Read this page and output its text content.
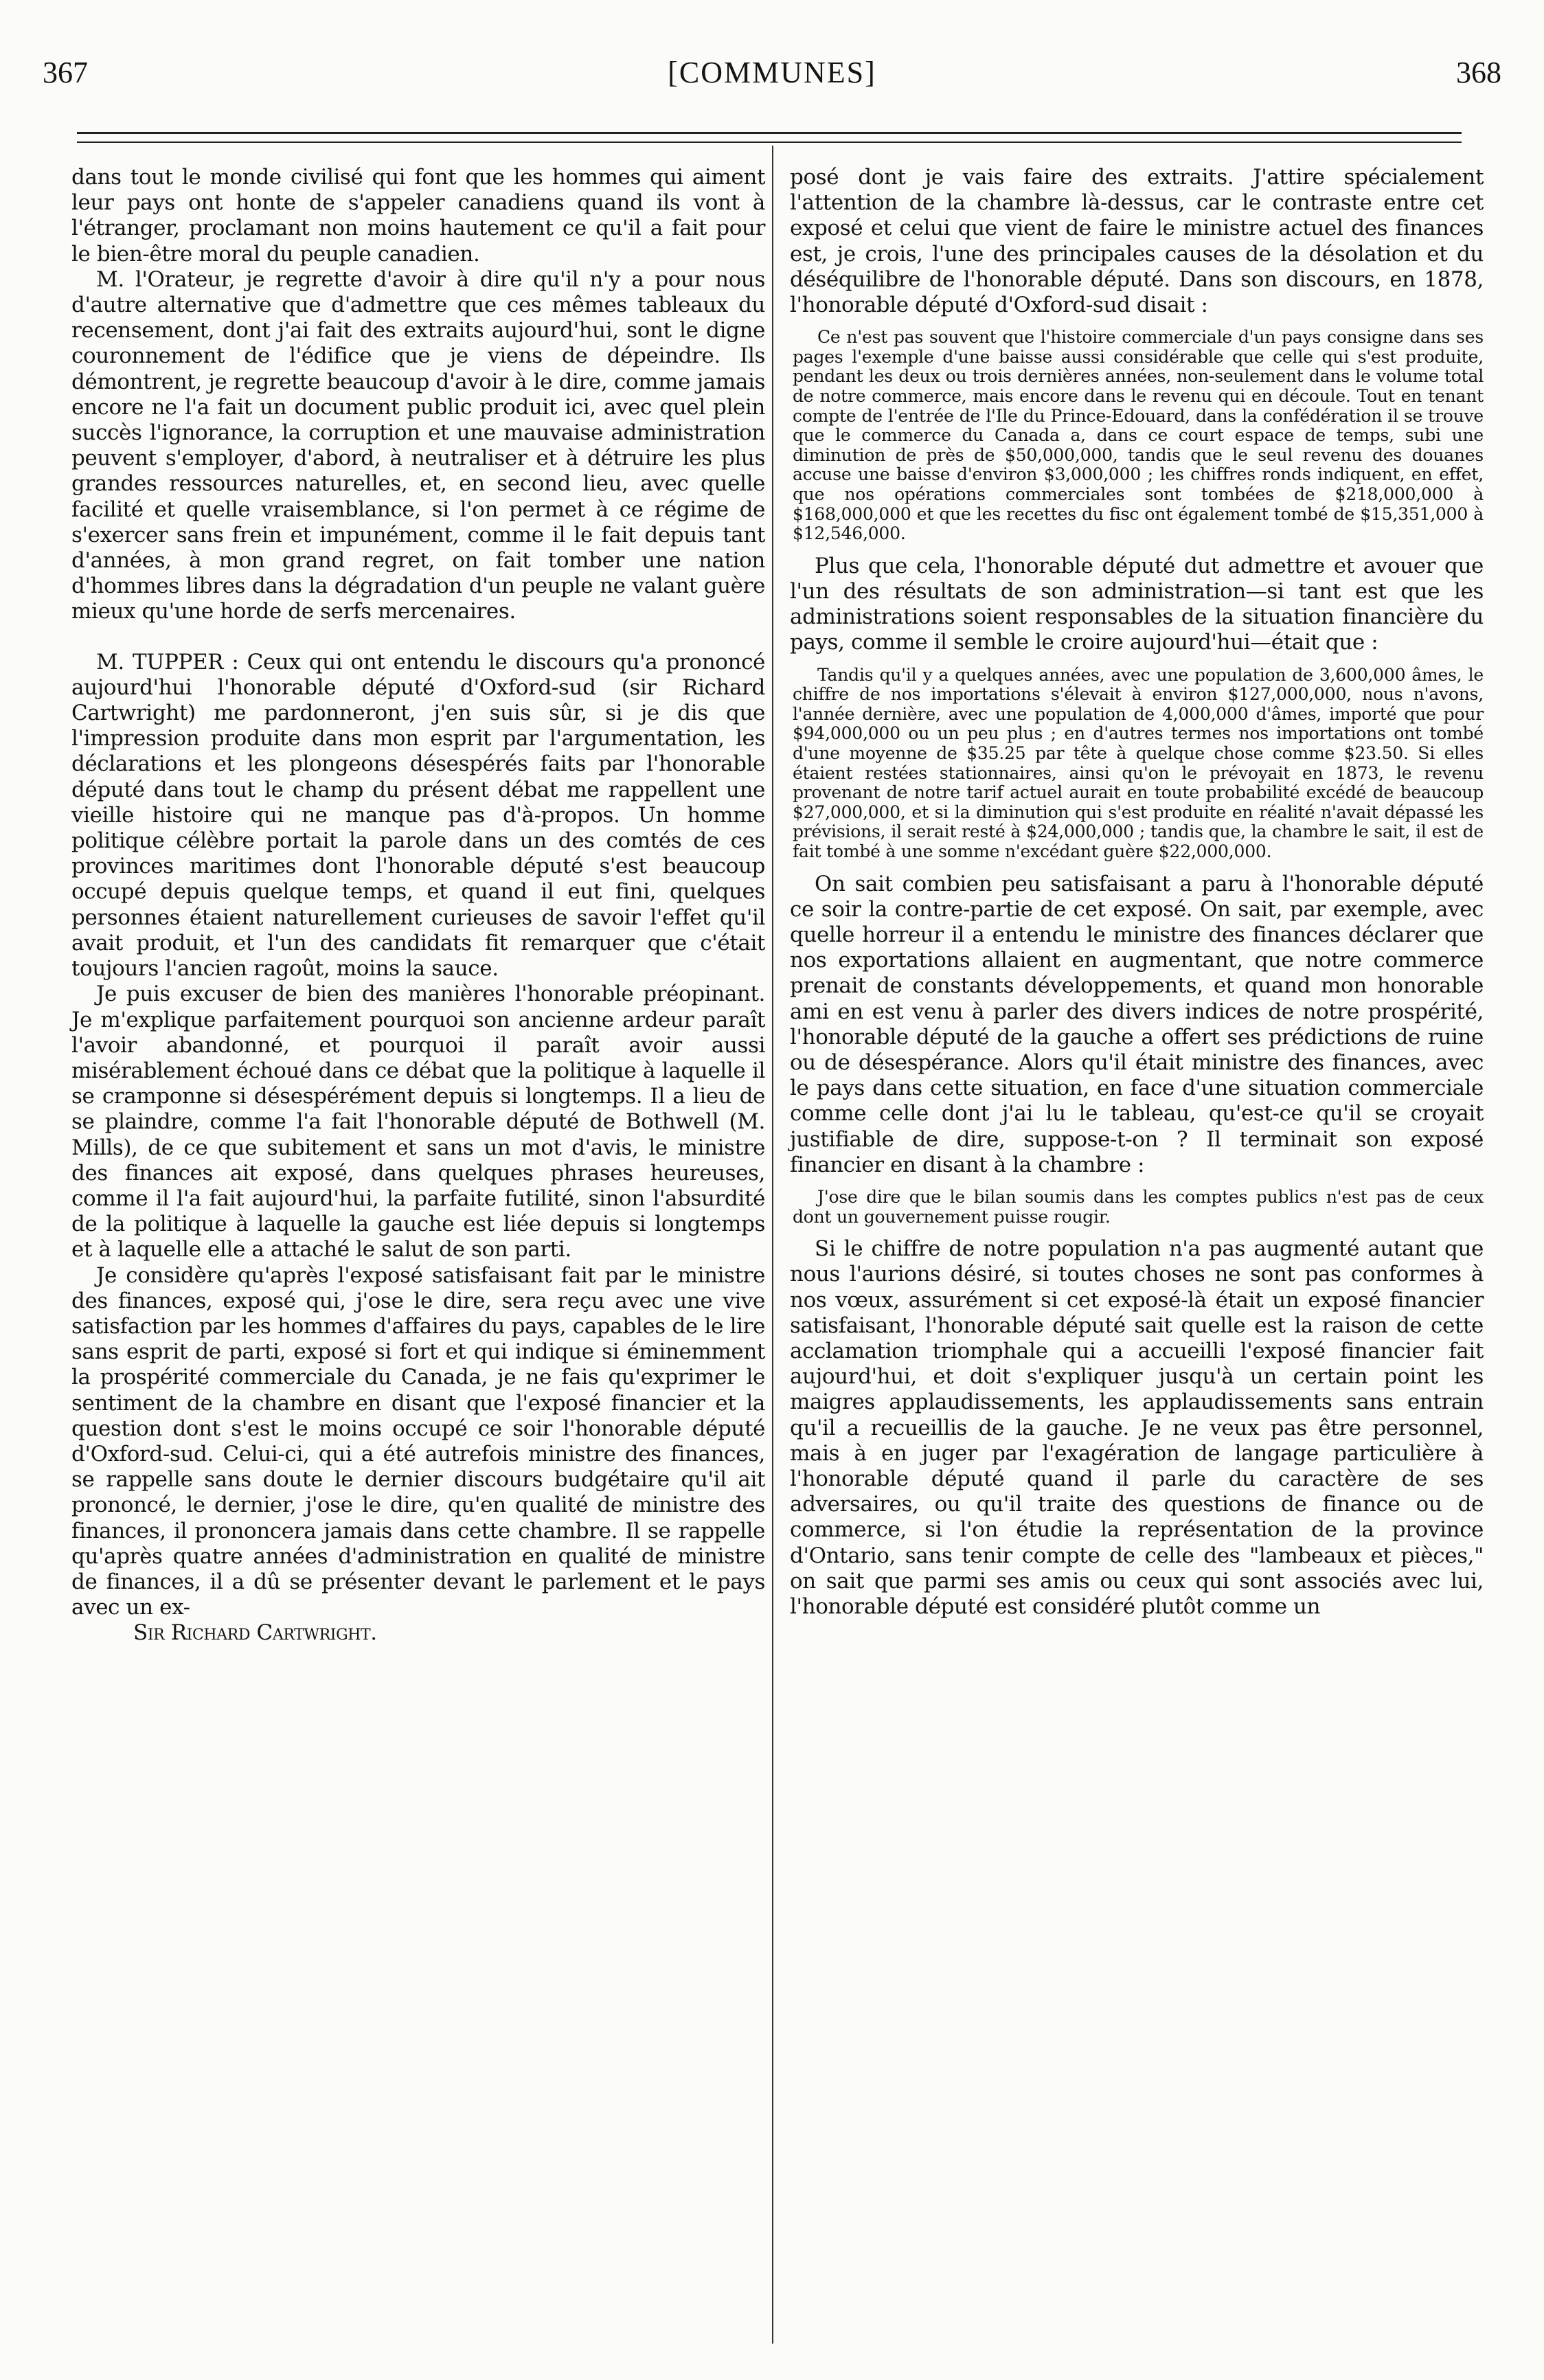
367	[COMMUNES]	368

dans tout le monde civilisé qui font que les hommes qui aiment leur pays ont honte de s'appeler canadiens quand ils vont à l'étranger, proclamant non moins hautement ce qu'il a fait pour le bien-être moral du peuple canadien.

M. l'Orateur, je regrette d'avoir à dire qu'il n'y a pour nous d'autre alternative que d'admettre que ces mêmes tableaux du recensement, dont j'ai fait des extraits aujourd'hui, sont le digne couronnement de l'édifice que je viens de dépeindre. Ils démontrent, je regrette beaucoup d'avoir à le dire, comme jamais encore ne l'a fait un document public produit ici, avec quel plein succès l'ignorance, la corruption et une mauvaise administration peuvent s'employer, d'abord, à neutraliser et à détruire les plus grandes ressources naturelles, et, en second lieu, avec quelle facilité et quelle vraisemblance, si l'on permet à ce régime de s'exercer sans frein et impunément, comme il le fait depuis tant d'années, à mon grand regret, on fait tomber une nation d'hommes libres dans la dégradation d'un peuple ne valant guère mieux qu'une horde de serfs mercenaires.

M. TUPPER : Ceux qui ont entendu le discours qu'a prononcé aujourd'hui l'honorable député d'Oxford-sud (sir Richard Cartwright) me pardonneront, j'en suis sûr, si je dis que l'impression produite dans mon esprit par l'argumentation, les déclarations et les plongeons désespérés faits par l'honorable député dans tout le champ du présent débat me rappellent une vieille histoire qui ne manque pas d'à-propos. Un homme politique célèbre portait la parole dans un des comtés de ces provinces maritimes dont l'honorable député s'est beaucoup occupé depuis quelque temps, et quand il eut fini, quelques personnes étaient naturellement curieuses de savoir l'effet qu'il avait produit, et l'un des candidats fit remarquer que c'était toujours l'ancien ragoût, moins la sauce.

Je puis excuser de bien des manières l'honorable préopinant. Je m'explique parfaitement pourquoi son ancienne ardeur paraît l'avoir abandonné, et pourquoi il paraît avoir aussi misérablement échoué dans ce débat que la politique à laquelle il se cramponne si désespérément depuis si longtemps. Il a lieu de se plaindre, comme l'a fait l'honorable député de Bothwell (M. Mills), de ce que subitement et sans un mot d'avis, le ministre des finances ait exposé, dans quelques phrases heureuses, comme il l'a fait aujourd'hui, la parfaite futilité, sinon l'absurdité de la politique à laquelle la gauche est liée depuis si longtemps et à laquelle elle a attaché le salut de son parti.

Je considère qu'après l'exposé satisfaisant fait par le ministre des finances, exposé qui, j'ose le dire, sera reçu avec une vive satisfaction par les hommes d'affaires du pays, capables de le lire sans esprit de parti, exposé si fort et qui indique si éminemment la prospérité commerciale du Canada, je ne fais qu'exprimer le sentiment de la chambre en disant que l'exposé financier et la question dont s'est le moins occupé ce soir l'honorable député d'Oxford-sud. Celui-ci, qui a été autrefois ministre des finances, se rappelle sans doute le dernier discours budgétaire qu'il ait prononcé, le dernier, j'ose le dire, qu'en qualité de ministre des finances, il prononcera jamais dans cette chambre. Il se rappelle qu'après quatre années d'administration en qualité de ministre de finances, il a dû se présenter devant le parlement et le pays avec un ex-

Sir Richard Cartwright.

posé dont je vais faire des extraits. J'attire spécialement l'attention de la chambre là-dessus, car le contraste entre cet exposé et celui que vient de faire le ministre actuel des finances est, je crois, l'une des principales causes de la désolation et du déséquilibre de l'honorable député. Dans son discours, en 1878, l'honorable député d'Oxford-sud disait :

Ce n'est pas souvent que l'histoire commerciale d'un pays consigne dans ses pages l'exemple d'une baisse aussi considérable que celle qui s'est produite, pendant les deux ou trois dernières années, non-seulement dans le volume total de notre commerce, mais encore dans le revenu qui en découle. Tout en tenant compte de l'entrée de l'Ile du Prince-Edouard, dans la confédération il se trouve que le commerce du Canada a, dans ce court espace de temps, subi une diminution de près de $50,000,000, tandis que le seul revenu des douanes accuse une baisse d'environ $3,000,000 ; les chiffres ronds indiquent, en effet, que nos opérations commerciales sont tombées de $218,000,000 à $168,000,000 et que les recettes du fisc ont également tombé de $15,351,000 à $12,546,000.

Plus que cela, l'honorable député dut admettre et avouer que l'un des résultats de son administration—si tant est que les administrations soient responsables de la situation financière du pays, comme il semble le croire aujourd'hui—était que :

Tandis qu'il y a quelques années, avec une population de 3,600,000 âmes, le chiffre de nos importations s'élevait à environ $127,000,000, nous n'avons, l'année dernière, avec une population de 4,000,000 d'âmes, importé que pour $94,000,000 ou un peu plus ; en d'autres termes nos importations ont tombé d'une moyenne de $35.25 par tête à quelque chose comme $23.50. Si elles étaient restées stationnaires, ainsi qu'on le prévoyait en 1873, le revenu provenant de notre tarif actuel aurait en toute probabilité excédé de beaucoup $27,000,000, et si la diminution qui s'est produite en réalité n'avait dépassé les prévisions, il serait resté à $24,000,000 ; tandis que, la chambre le sait, il est de fait tombé à une somme n'excédant guère $22,000,000.

On sait combien peu satisfaisant a paru à l'honorable député ce soir la contre-partie de cet exposé. On sait, par exemple, avec quelle horreur il a entendu le ministre des finances déclarer que nos exportations allaient en augmentant, que notre commerce prenait de constants développements, et quand mon honorable ami en est venu à parler des divers indices de notre prospérité, l'honorable député de la gauche a offert ses prédictions de ruine ou de désespérance. Alors qu'il était ministre des finances, avec le pays dans cette situation, en face d'une situation commerciale comme celle dont j'ai lu le tableau, qu'est-ce qu'il se croyait justifiable de dire, suppose-t-on ? Il terminait son exposé financier en disant à la chambre :

J'ose dire que le bilan soumis dans les comptes publics n'est pas de ceux dont un gouvernement puisse rougir.

Si le chiffre de notre population n'a pas augmenté autant que nous l'aurions désiré, si toutes choses ne sont pas conformes à nos vœux, assurément si cet exposé-là était un exposé financier satisfaisant, l'honorable député sait quelle est la raison de cette acclamation triomphale qui a accueilli l'exposé financier fait aujourd'hui, et doit s'expliquer jusqu'à un certain point les maigres applaudissements, les applaudissements sans entrain qu'il a recueillis de la gauche. Je ne veux pas être personnel, mais à en juger par l'exagération de langage particulière à l'honorable député quand il parle du caractère de ses adversaires, ou qu'il traite des questions de finance ou de commerce, si l'on étudie la représentation de la province d'Ontario, sans tenir compte de celle des "lambeaux et pièces," on sait que parmi ses amis ou ceux qui sont associés avec lui, l'honorable député est considéré plutôt comme un
